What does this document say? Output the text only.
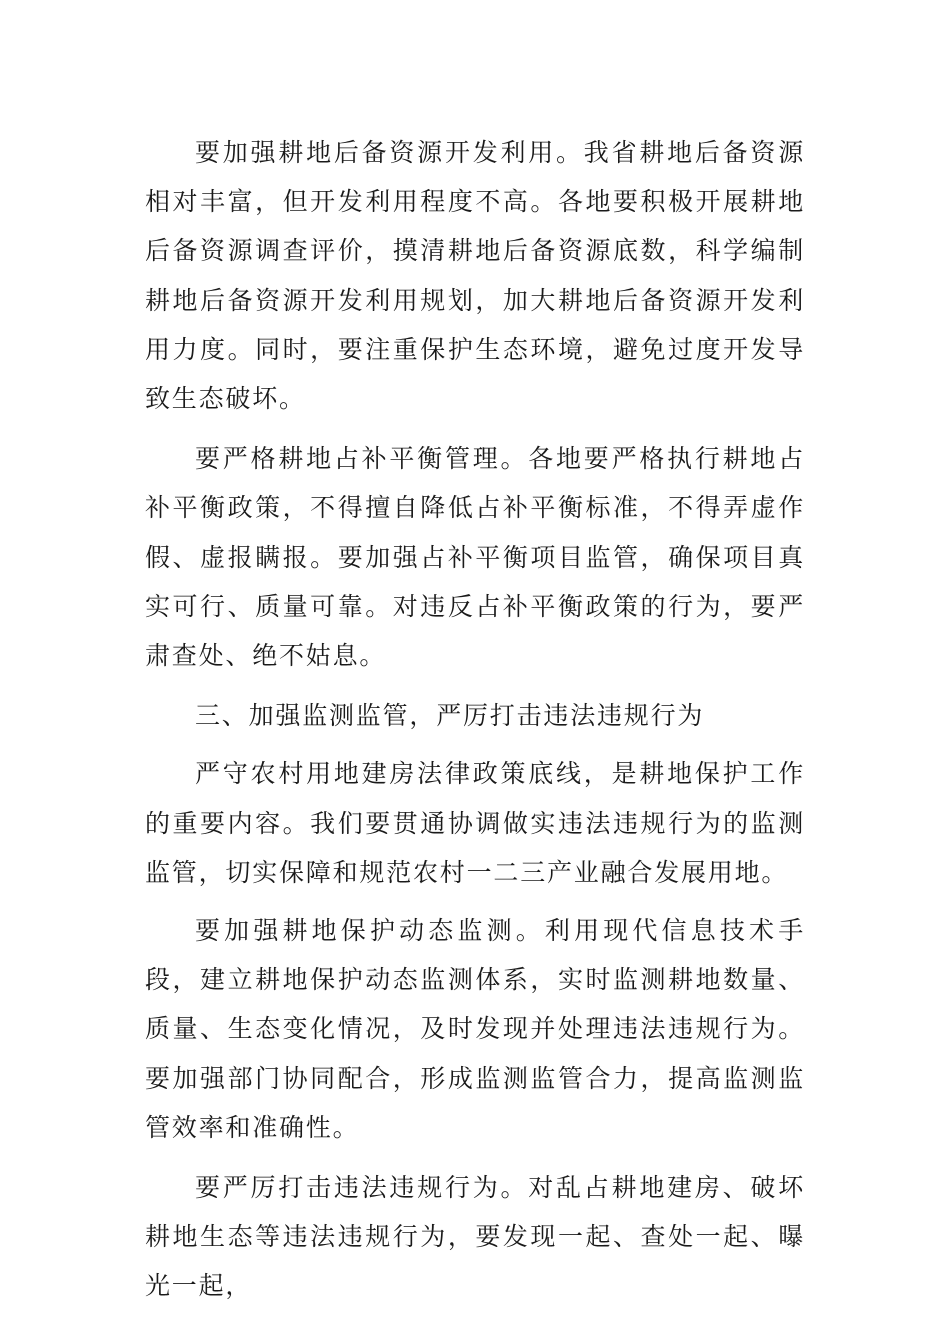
要加强耕地后备资源开发利用。我省耕地后备资源相对丰富，但开发利用程度不高。各地要积极开展耕地后备资源调查评价，摸清耕地后备资源底数，科学编制耕地后备资源开发利用规划，加大耕地后备资源开发利用力度。同时，要注重保护生态环境，避免过度开发导致生态破坏。

要严格耕地占补平衡管理。各地要严格执行耕地占补平衡政策，不得擅自降低占补平衡标准，不得弄虚作假、虚报瞒报。要加强占补平衡项目监管，确保项目真实可行、质量可靠。对违反占补平衡政策的行为，要严肃查处、绝不姑息。

三、加强监测监管，严厉打击违法违规行为

严守农村用地建房法律政策底线，是耕地保护工作的重要内容。我们要贯通协调做实违法违规行为的监测监管，切实保障和规范农村一二三产业融合发展用地。

要加强耕地保护动态监测。利用现代信息技术手段，建立耕地保护动态监测体系，实时监测耕地数量、质量、生态变化情况，及时发现并处理违法违规行为。要加强部门协同配合，形成监测监管合力，提高监测监管效率和准确性。

要严厉打击违法违规行为。对乱占耕地建房、破坏耕地生态等违法违规行为，要发现一起、查处一起、曝光一起，
